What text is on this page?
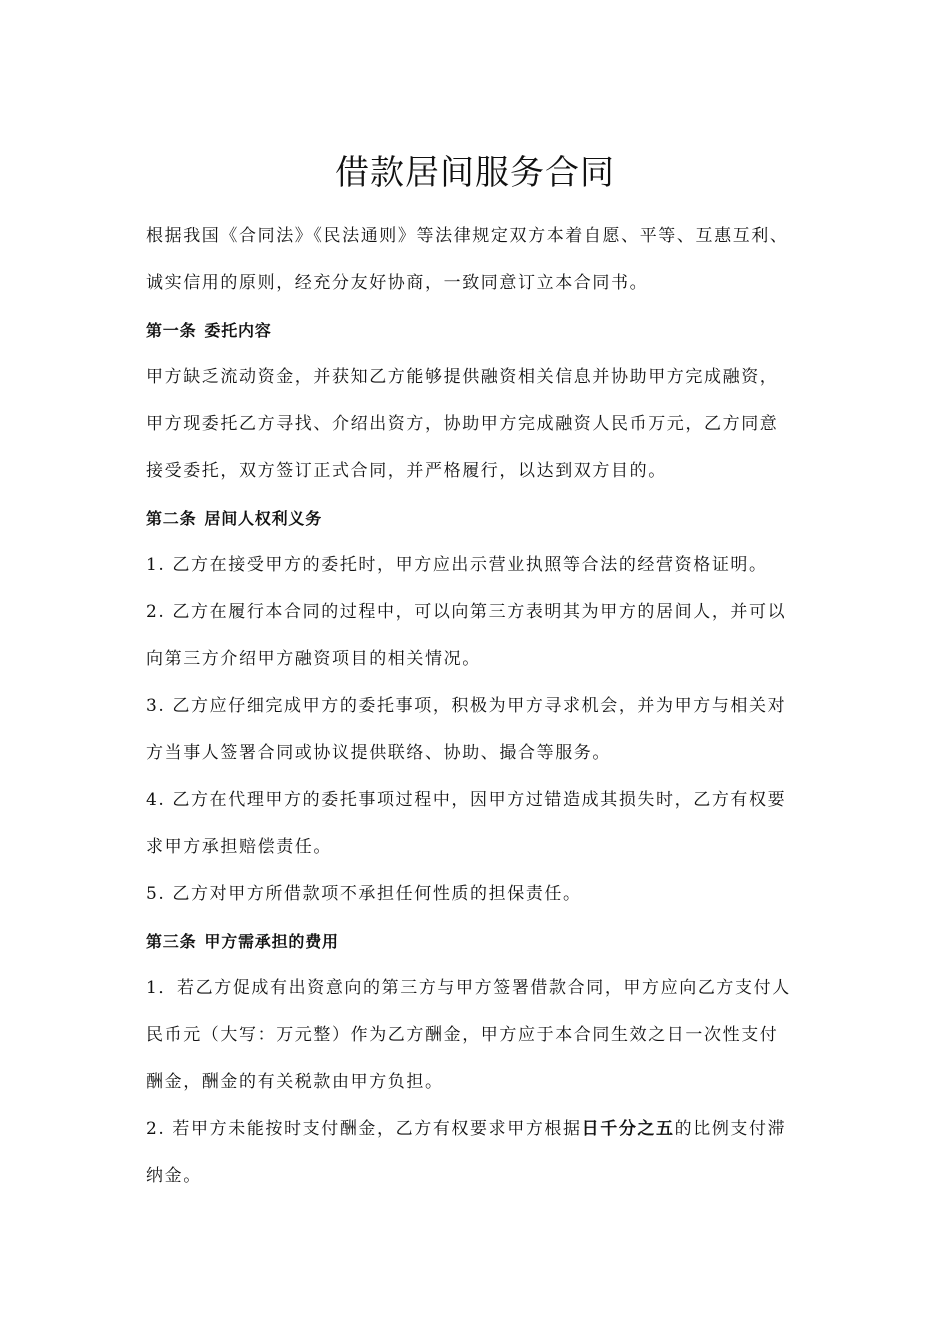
借款居间服务合同

根据我国《合同法》《民法通则》等法律规定双方本着自愿、平等、互惠互利、

诚实信用的原则，经充分友好协商，一致同意订立本合同书。

第一条 委托内容

甲方缺乏流动资金，并获知乙方能够提供融资相关信息并协助甲方完成融资，

甲方现委托乙方寻找、介绍出资方，协助甲方完成融资人民币万元，乙方同意

接受委托，双方签订正式合同，并严格履行，以达到双方目的。

第二条 居间人权利义务

1. 乙方在接受甲方的委托时，甲方应出示营业执照等合法的经营资格证明。

2. 乙方在履行本合同的过程中，可以向第三方表明其为甲方的居间人，并可以

向第三方介绍甲方融资项目的相关情况。

3. 乙方应仔细完成甲方的委托事项，积极为甲方寻求机会，并为甲方与相关对

方当事人签署合同或协议提供联络、协助、撮合等服务。

4. 乙方在代理甲方的委托事项过程中，因甲方过错造成其损失时，乙方有权要

求甲方承担赔偿责任。

5. 乙方对甲方所借款项不承担任何性质的担保责任。

第三条 甲方需承担的费用

1．若乙方促成有出资意向的第三方与甲方签署借款合同，甲方应向乙方支付人

民币元（大写：万元整）作为乙方酬金，甲方应于本合同生效之日一次性支付

酬金，酬金的有关税款由甲方负担。

2. 若甲方未能按时支付酬金，乙方有权要求甲方根据日千分之五的比例支付滞

纳金。
